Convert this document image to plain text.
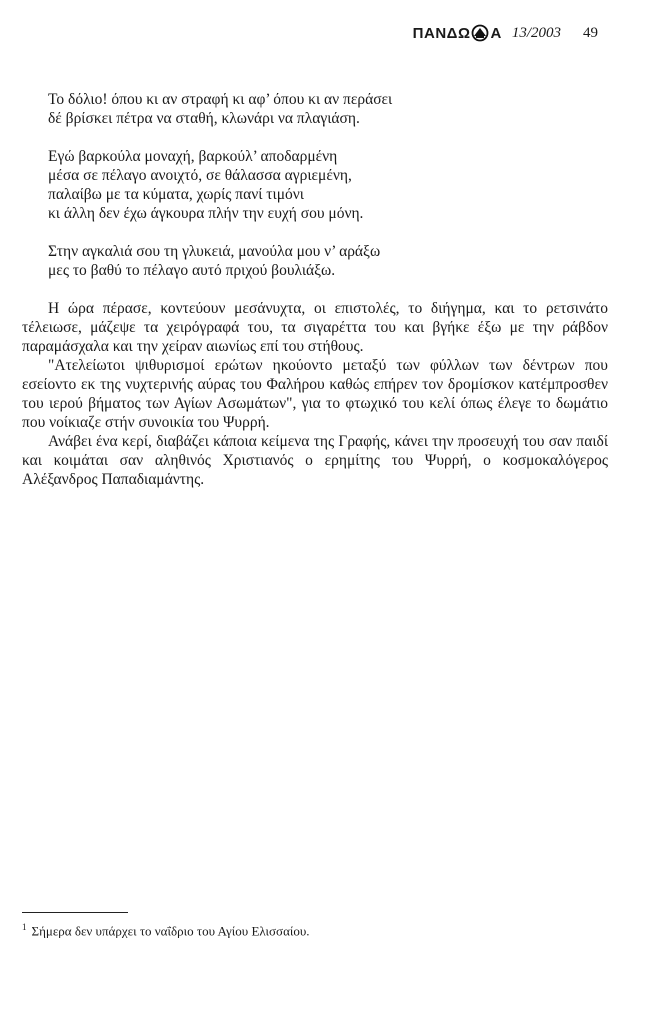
ΠΑΝΔΩ Α 13/2003 49
Το δόλιο! όπου κι αν στραφή κι αφ’ όπου κι αν περάσει
δέ βρίσκει πέτρα να σταθή, κλωνάρι να πλαγιάση.
Εγώ βαρκούλα μοναχή, βαρκούλ’ αποδαρμένη
μέσα σε πέλαγο ανοιχτό, σε θάλασσα αγριεμένη,
παλαίβω με τα κύματα, χωρίς πανί τιμόνι
κι άλλη δεν έχω άγκουρα πλήν την ευχή σου μόνη.
Στην αγκαλιά σου τη γλυκειά, μανούλα μου ν’ αράξω
μες το βαθύ το πέλαγο αυτό πριχού βουλιάξω.

Η ώρα πέρασε, κοντεύουν μεσάνυχτα, οι επιστολές, το διήγημα, και το ρετσινάτο τέλειωσε, μάζεψε τα χειρόγραφά του, τα σιγαρέττα του και βγήκε έξω με την ράβδον παραμάσχαλα και την χείραν αιωνίως επί του στήθους.

"Ατελείωτοι ψιθυρισμοί ερώτων ηκούοντο μεταξύ των φύλλων των δέντρων που εσείοντο εκ της νυχτερινής αύρας του Φαλήρου καθώς επήρεν τον δρομίσκον κατέμπροσθεν του ιερού βήματος των Αγίων Ασωμάτων", για το φτωχικό του κελί όπως έλεγε το δωμάτιο που νοίκιαζε στήν συνοικία του Ψυρρή.

Ανάβει ένα κερί, διαβάζει κάποια κείμενα της Γραφής, κάνει την προσευχή του σαν παιδί και κοιμάται σαν αληθινός Χριστιανός ο ερημίτης του Ψυρρή, ο κοσμοκαλόγερος Αλέξανδρος Παπαδιαμάντης.

$^1$ Σήμερα δεν υπάρχει το ναΐδριο του Αγίου Ελισσαίου.
